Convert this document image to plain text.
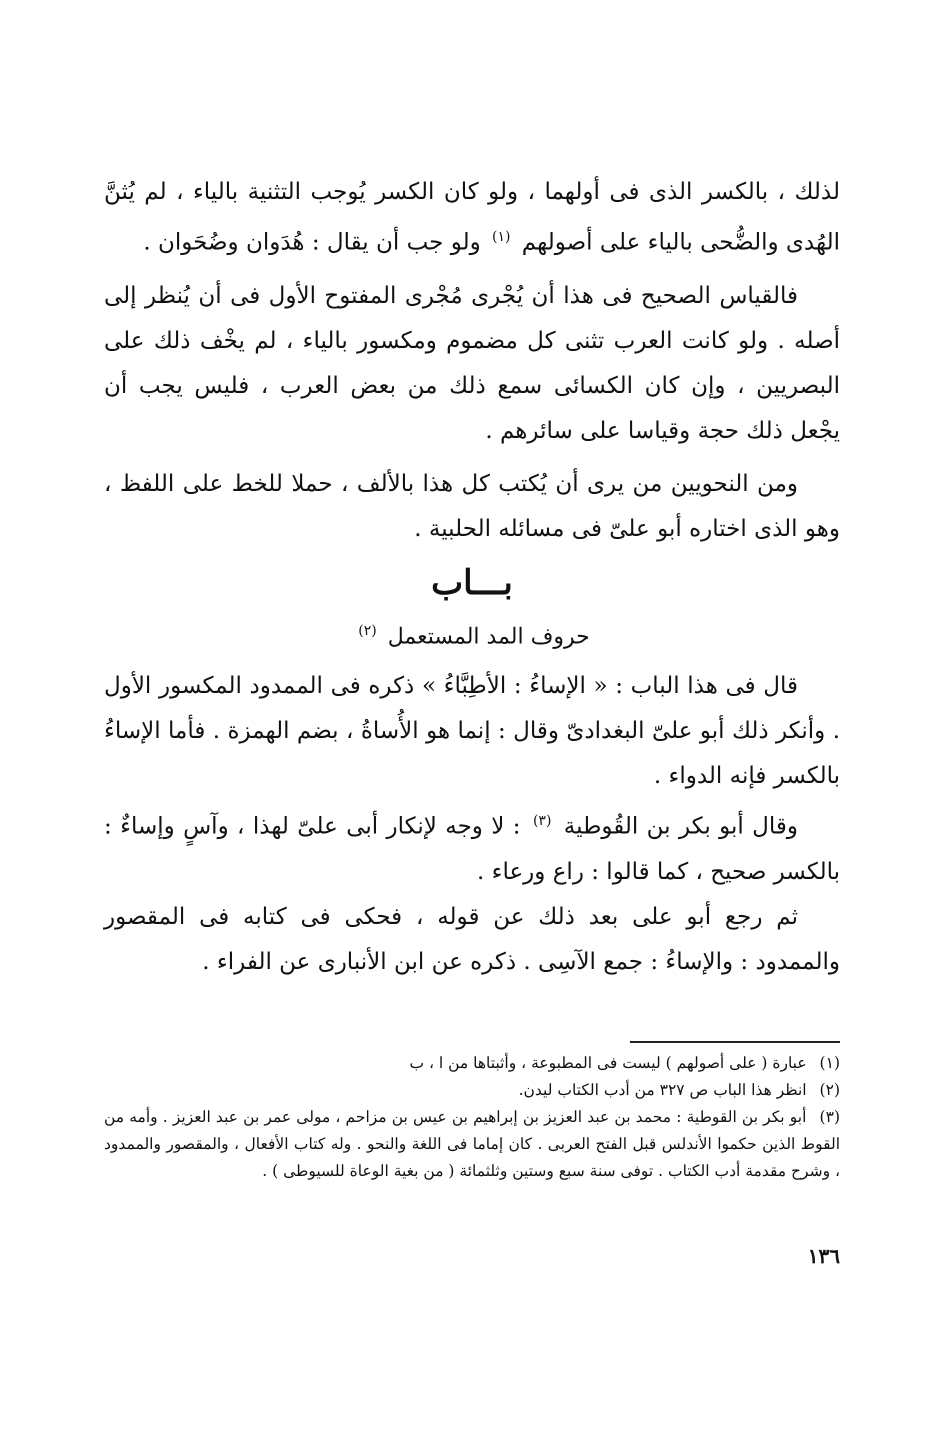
لذلك ، بالكسر الذى فى أولهما ، ولو كان الكسر يُوجب التثنية بالياء ، لم يُثنَّ الهُدى والضُّحى بالياء على أصولهم $^{(١)}$ ولو جب أن يقال : هُدَوان وضُحَوان .

فالقياس الصحيح فى هذا أن يُجْرى مُجْرى المفتوح الأول فى أن يُنظر إلى أصله . ولو كانت العرب تثنى كل مضموم ومكسور بالياء ، لم يخْف ذلك على البصريين ، وإن كان الكسائى سمع ذلك من بعض العرب ، فليس يجب أن يجْعل ذلك حجة وقياسا على سائرهم .

ومن النحويين من يرى أن يُكتب كل هذا بالألف ، حملا للخط على اللفظ ، وهو الذى اختاره أبو علىّ فى مسائله الحلبية .

بـــاب
حروف المد المستعمل $^{(٢)}$

قال فى هذا الباب : « الإساءُ : الأطِبَّاءُ » ذكره فى الممدود المكسور الأول . وأنكر ذلك أبو علىّ البغدادىّ وقال : إنما هو الأُساةُ ، بضم الهمزة . فأما الإساءُ بالكسر فإنه الدواء .

وقال أبو بكر بن القُوطية $^{(٣)}$ : لا وجه لإنكار أبى علىّ لهذا ، وآسٍ وإساءٌ : بالكسر صحيح ، كما قالوا : راع ورعاء .

ثم رجع أبو على بعد ذلك عن قوله ، فحكى فى كتابه فى المقصور والممدود : والإساءُ : جمع الآسِى . ذكره عن ابن الأنبارى عن الفراء .

(١) عبارة ( على أصولهم ) ليست فى المطبوعة ، وأثبتاها من ا ، ب

(٢) انظر هذا الباب ص ٣٢٧ من أدب الكتاب ليدن.

(٣) أبو بكر بن القوطية : محمد بن عبد العزيز بن إبراهيم بن عيس بن مزاحم ، مولى عمر بن عبد العزيز . وأمه من القوط الذين حكموا الأندلس قبل الفتح العربى . كان إماما فى اللغة والنحو . وله كتاب الأفعال ، والمقصور والممدود ، وشرح مقدمة أدب الكتاب . توفى سنة سبع وستين وثلثمائة ( من بغية الوعاة للسيوطى ) .

١٣٦
